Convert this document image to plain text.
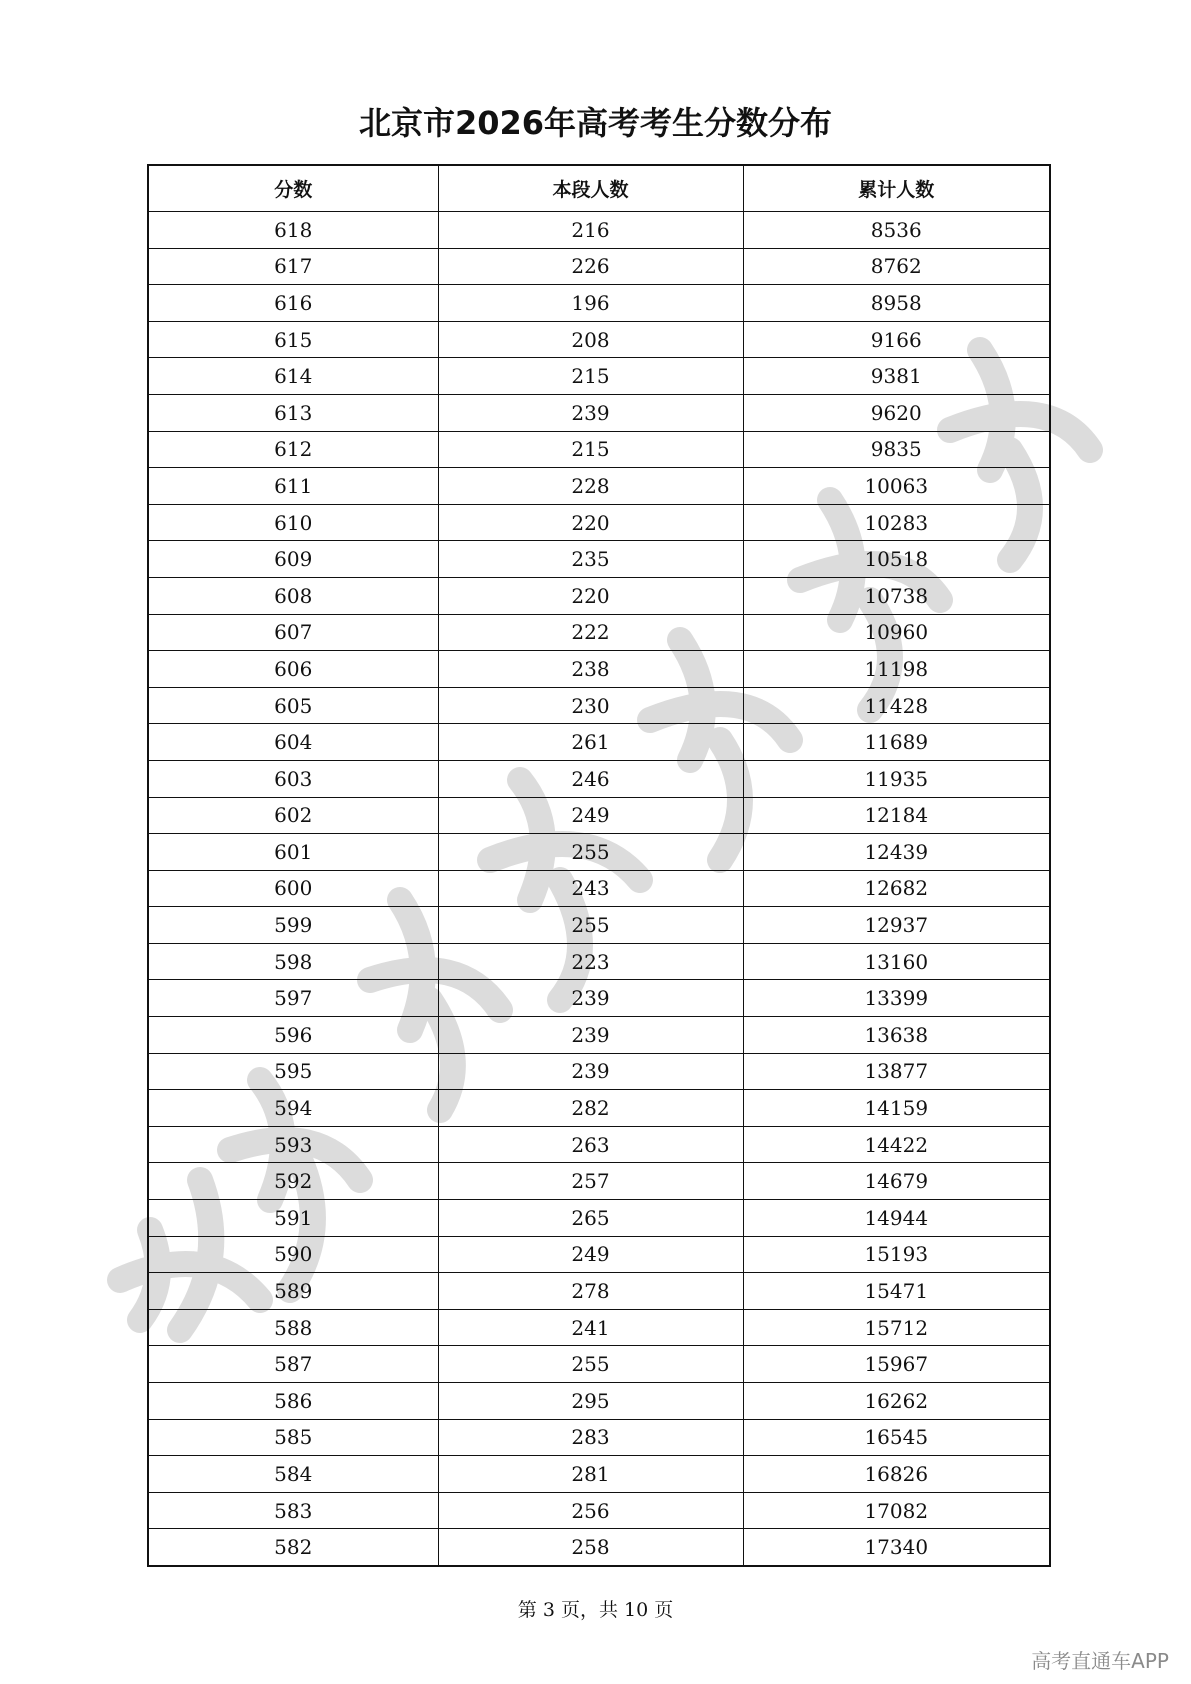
北京市2026年高考考生分数分布
分数	本段人数	累计人数
618	216	8536
617	226	8762
616	196	8958
615	208	9166
614	215	9381
613	239	9620
612	215	9835
611	228	10063
610	220	10283
609	235	10518
608	220	10738
607	222	10960
606	238	11198
605	230	11428
604	261	11689
603	246	11935
602	249	12184
601	255	12439
600	243	12682
599	255	12937
598	223	13160
597	239	13399
596	239	13638
595	239	13877
594	282	14159
593	263	14422
592	257	14679
591	265	14944
590	249	15193
589	278	15471
588	241	15712
587	255	15967
586	295	16262
585	283	16545
584	281	16826
583	256	17082
582	258	17340
第 3 页，共 10 页
高考直通车APP
